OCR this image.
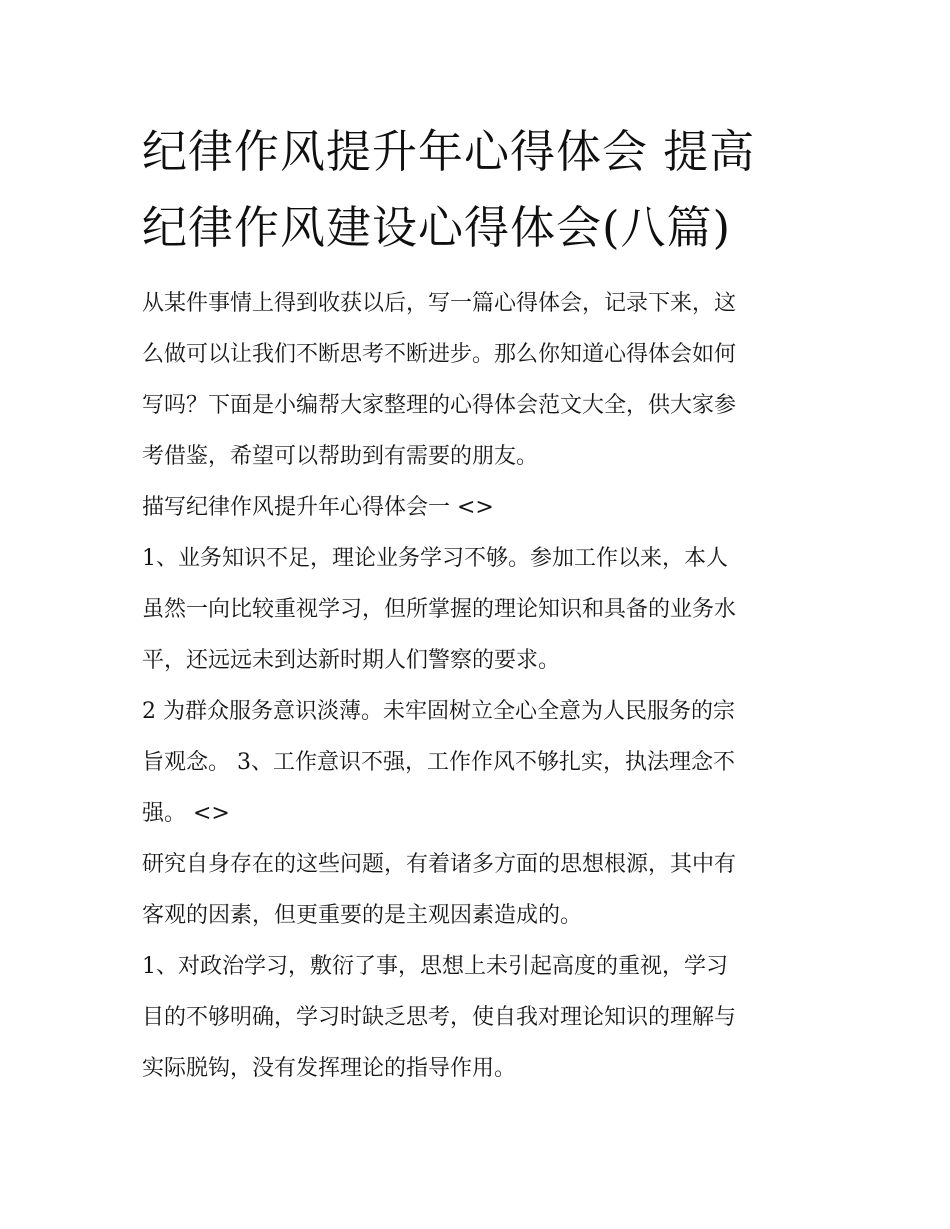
纪律作风提升年心得体会 提高
纪律作风建设心得体会(八篇)

从某件事情上得到收获以后，写一篇心得体会，记录下来，这
么做可以让我们不断思考不断进步。那么你知道心得体会如何
写吗？下面是小编帮大家整理的心得体会范文大全，供大家参
考借鉴，希望可以帮助到有需要的朋友。

描写纪律作风提升年心得体会一 <>

1、业务知识不足，理论业务学习不够。参加工作以来，本人
虽然一向比较重视学习，但所掌握的理论知识和具备的业务水
平，还远远未到达新时期人们警察的要求。

2 为群众服务意识淡薄。未牢固树立全心全意为人民服务的宗
旨观念。 3、工作意识不强，工作作风不够扎实，执法理念不
强。 <>

研究自身存在的这些问题，有着诸多方面的思想根源，其中有
客观的因素，但更重要的是主观因素造成的。

1、对政治学习，敷衍了事，思想上未引起高度的重视，学习
目的不够明确，学习时缺乏思考，使自我对理论知识的理解与
实际脱钩，没有发挥理论的指导作用。
